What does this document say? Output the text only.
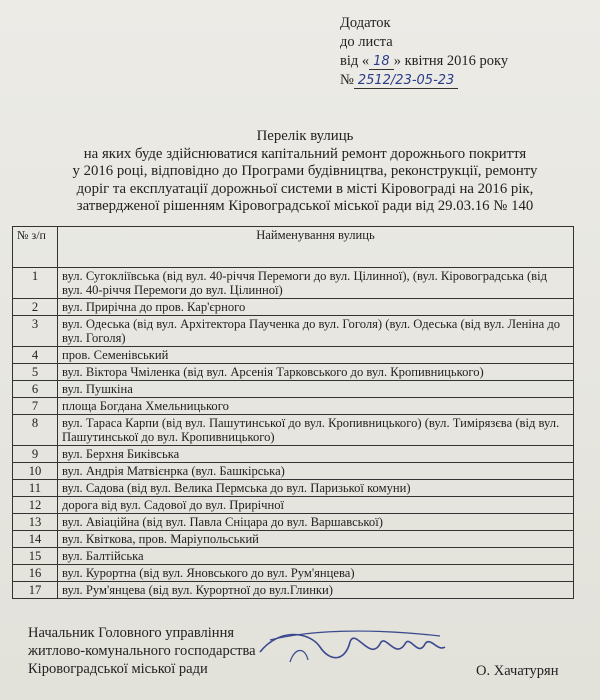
Додаток
до листа
від « 18 » квітня 2016 року
№ 2512/23-05-23
Перелік вулиць
на яких буде здійснюватися капітальний ремонт дорожнього покриття
у 2016 році, відповідно до Програми будівництва, реконструкції, ремонту
доріг та експлуатації дорожньої системи в місті Кіровограді на 2016 рік,
затвердженої рішенням Кіровоградської міської ради від 29.03.16 № 140
№ з/п	Найменування вулиць
1	вул. Сугоклiївська (від вул. 40-річчя Перемоги до вул. Цілинної), (вул. Кіровоградська (від вул. 40-річчя Перемоги до вул. Цілинної)
2	вул. Прирічна до пров. Кар'єрного
3	вул. Одеська (від вул. Архітектора Паученка до вул. Гоголя) (вул. Одеська (від вул. Леніна до вул. Гоголя)
4	пров. Семенівський
5	вул. Віктора Чміленка (від вул. Арсенія Тарковського до вул. Кропивницького)
6	вул. Пушкіна
7	площа Богдана Хмельницького
8	вул. Тараса Карпи (від вул. Пашутинської до вул. Кропивницького) (вул. Тимірязєва (від вул. Пашутинської до вул. Кропивницького)
9	вул. Берхня Биківська
10	вул. Андрія Матвієнрка (вул. Башкірська)
11	вул. Садова (від вул. Велика Пермська до вул. Паризької комуни)
12	дорога від вул. Садової до вул. Прирічної
13	вул. Авіаційна (від вул. Павла Сніцара до вул. Варшавської)
14	вул. Квіткова, пров. Маріупольський
15	вул. Балтійська
16	вул. Курортна (від вул. Яновського до вул. Рум'янцева)
17	вул. Рум'янцева (від вул. Курортної до вул.Глинки)
Начальник Головного управління
житлово-комунального господарства
Кіровоградської міської ради	О. Хачатурян
